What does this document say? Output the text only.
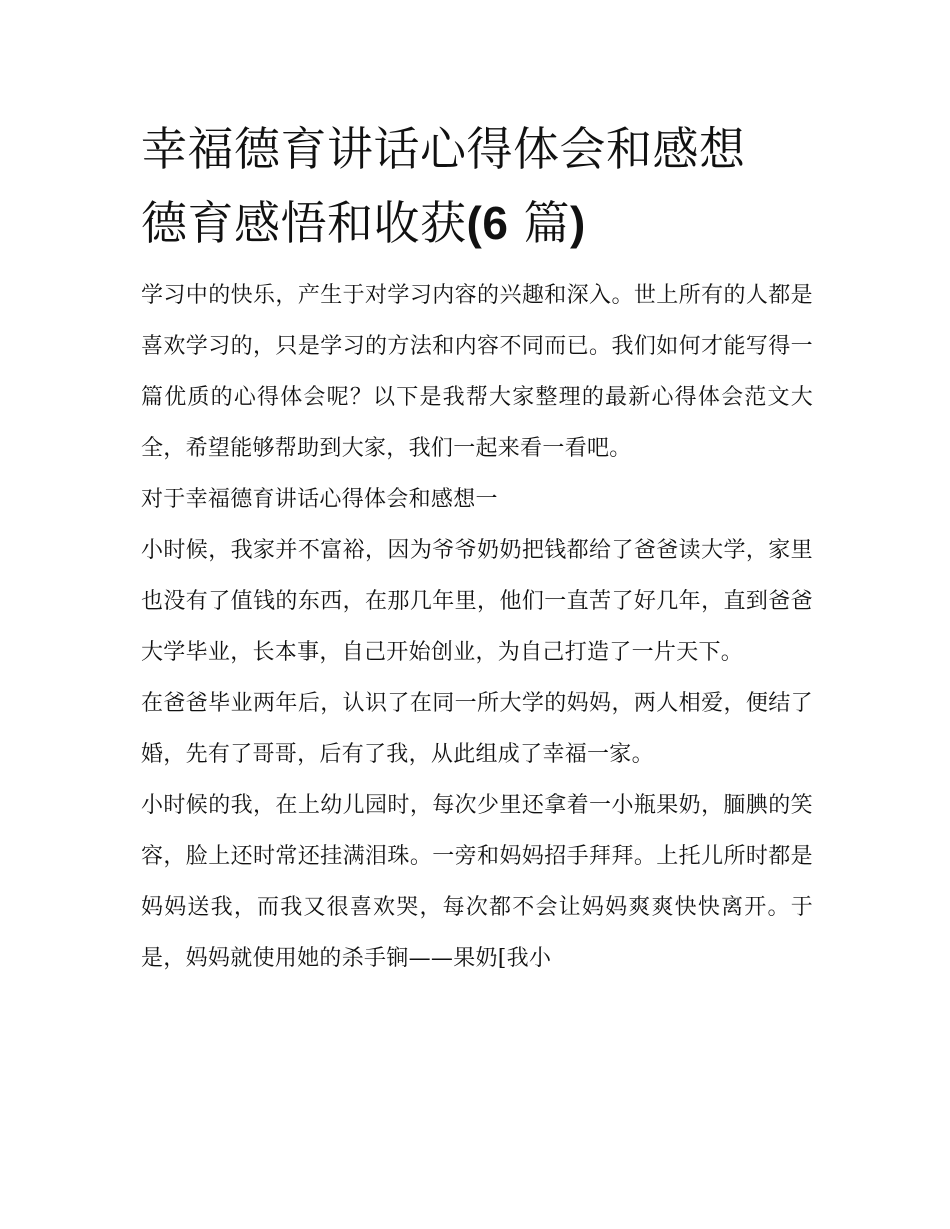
幸福德育讲话心得体会和感想
德育感悟和收获(6 篇)

学习中的快乐，产生于对学习内容的兴趣和深入。世上所有的人都是喜欢学习的，只是学习的方法和内容不同而已。我们如何才能写得一篇优质的心得体会呢？以下是我帮大家整理的最新心得体会范文大全，希望能够帮助到大家，我们一起来看一看吧。

对于幸福德育讲话心得体会和感想一

小时候，我家并不富裕，因为爷爷奶奶把钱都给了爸爸读大学，家里也没有了值钱的东西，在那几年里，他们一直苦了好几年，直到爸爸大学毕业，长本事，自己开始创业，为自己打造了一片天下。

在爸爸毕业两年后，认识了在同一所大学的妈妈，两人相爱，便结了婚，先有了哥哥，后有了我，从此组成了幸福一家。

小时候的我，在上幼儿园时，每次少里还拿着一小瓶果奶，腼腆的笑容，脸上还时常还挂满泪珠。一旁和妈妈招手拜拜。上托儿所时都是妈妈送我，而我又很喜欢哭，每次都不会让妈妈爽爽快快离开。于是，妈妈就使用她的杀手锏——果奶[我小
